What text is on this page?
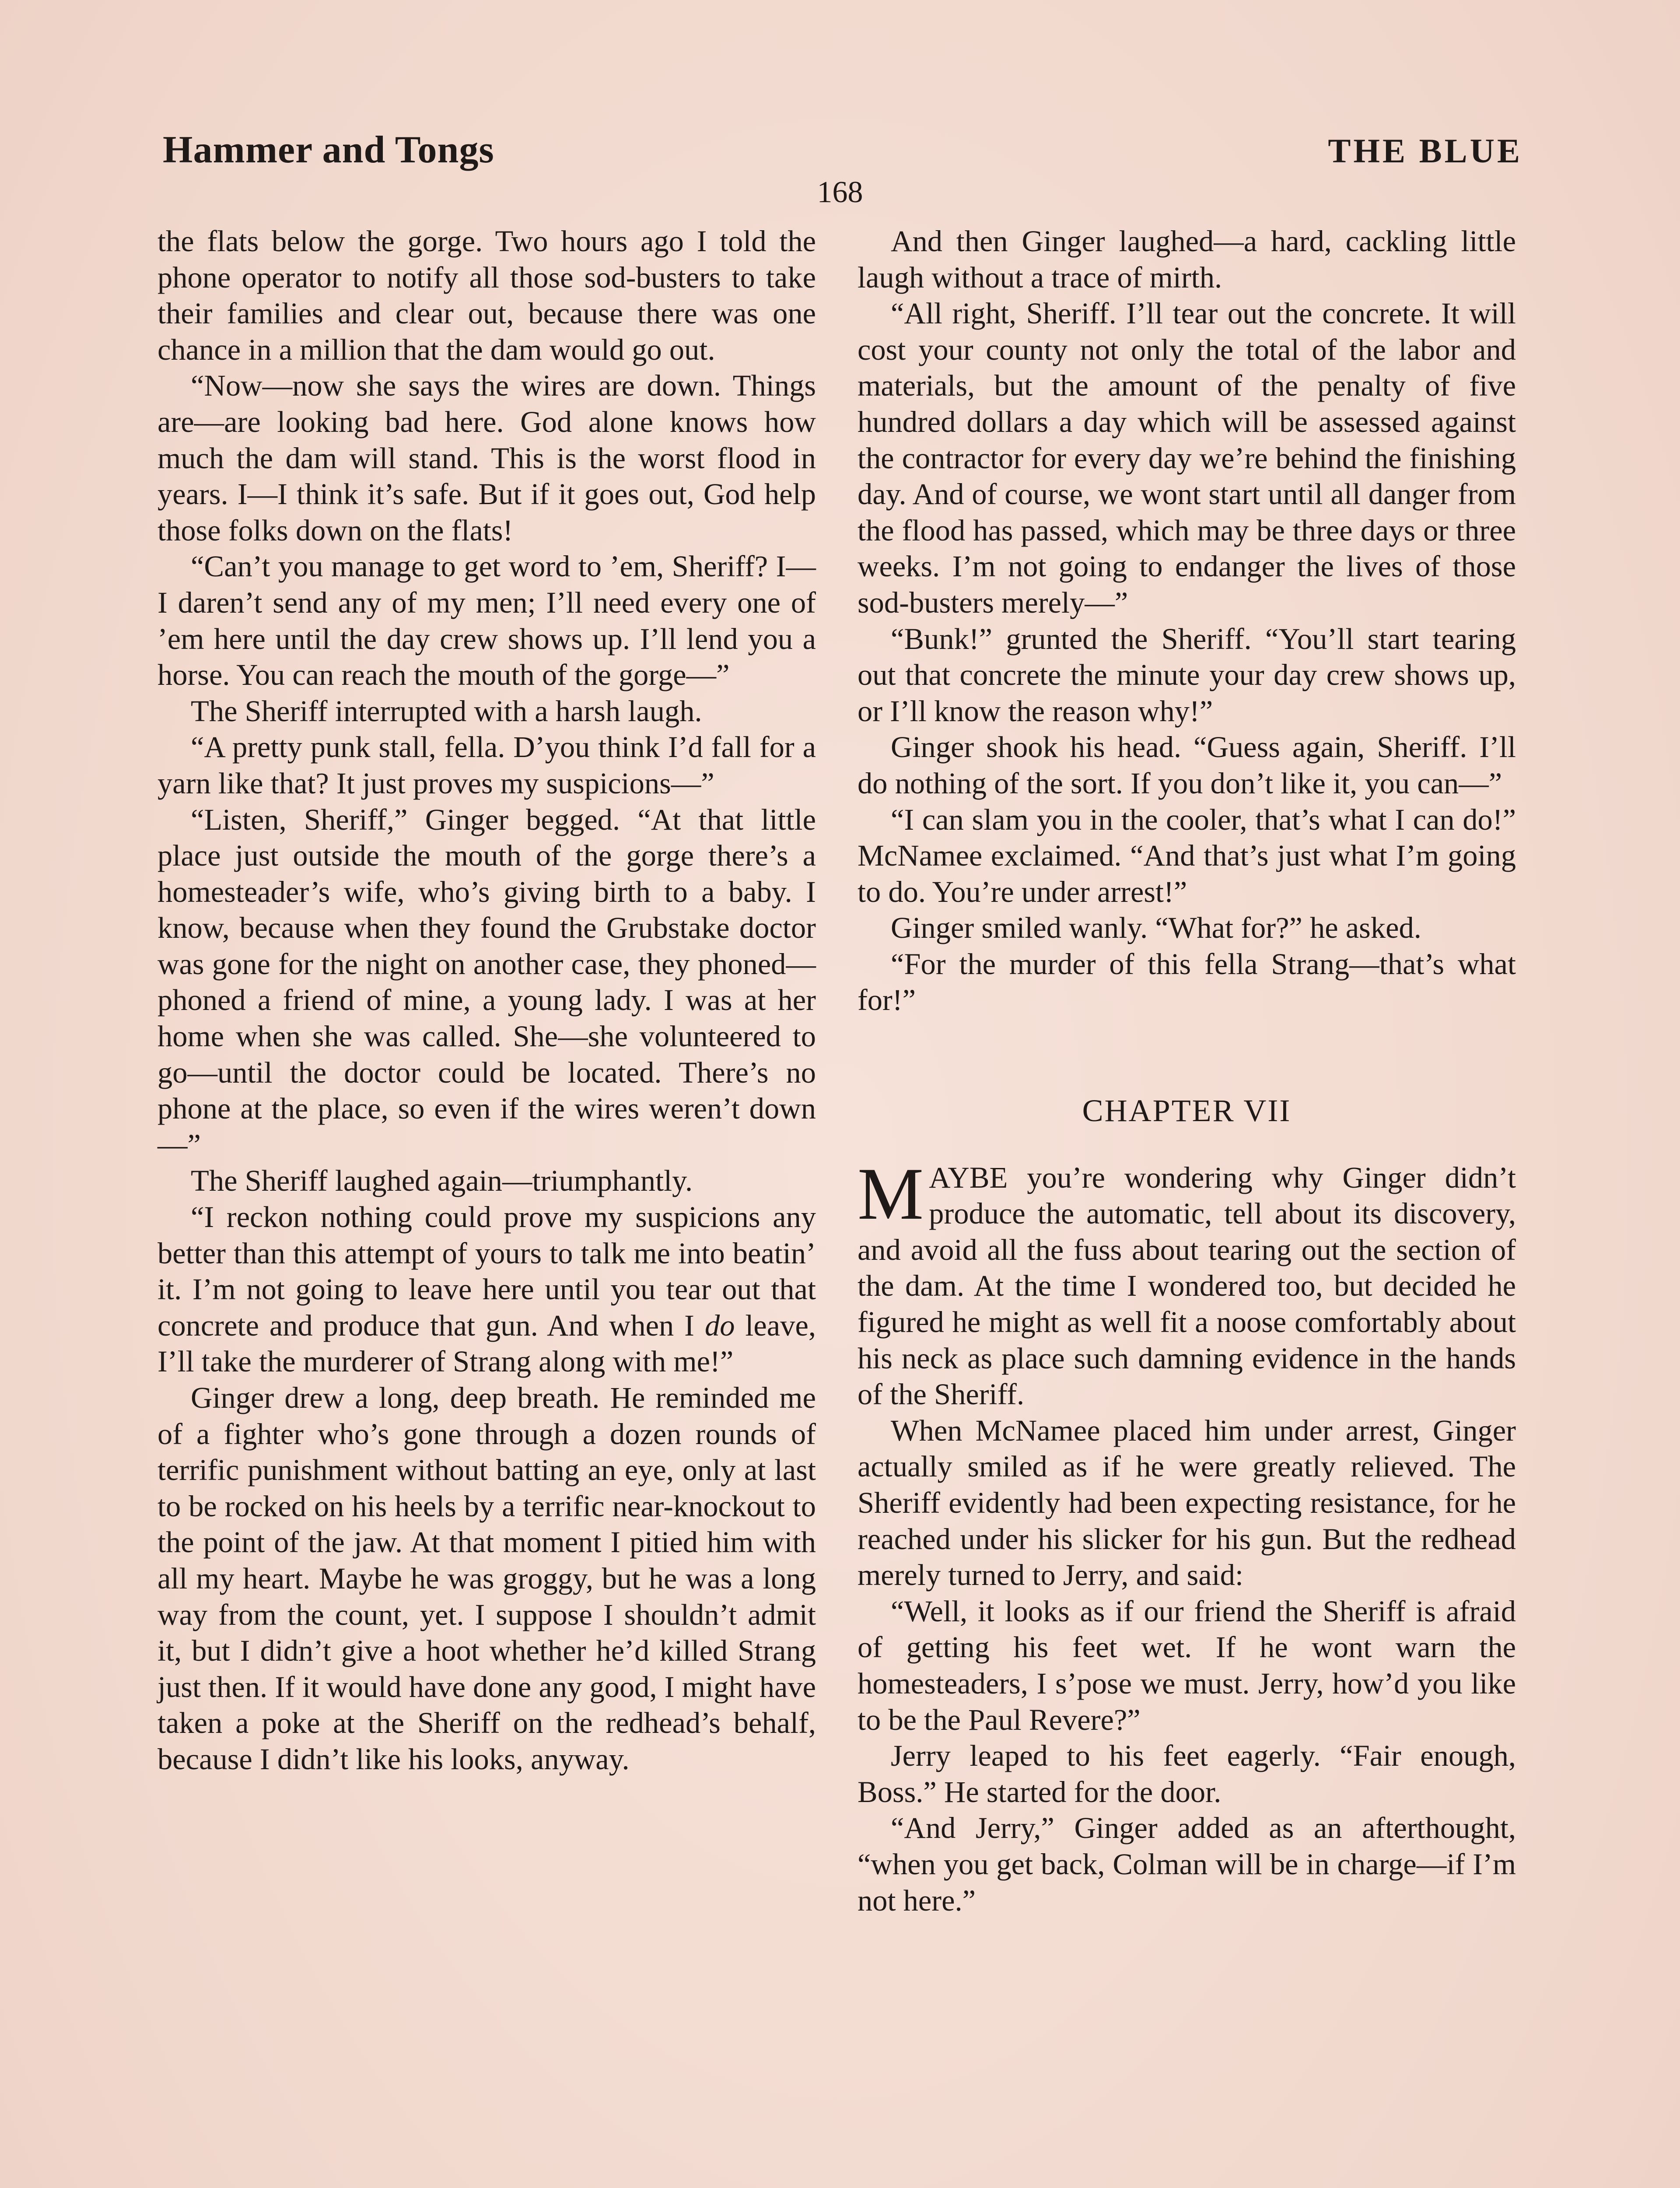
Hammer and Tongs	THE BLUE
168

the flats below the gorge. Two hours ago I told the phone operator to notify all those sod-busters to take their families and clear out, because there was one chance in a million that the dam would go out.

“Now—now she says the wires are down. Things are—are looking bad here. God alone knows how much the dam will stand. This is the worst flood in years. I—I think it’s safe. But if it goes out, God help those folks down on the flats!

“Can’t you manage to get word to ’em, Sheriff? I—I daren’t send any of my men; I’ll need every one of ’em here until the day crew shows up. I’ll lend you a horse. You can reach the mouth of the gorge—”

The Sheriff interrupted with a harsh laugh.

“A pretty punk stall, fella. D’you think I’d fall for a yarn like that? It just proves my suspicions—”

“Listen, Sheriff,” Ginger begged. “At that little place just outside the mouth of the gorge there’s a homesteader’s wife, who’s giving birth to a baby. I know, because when they found the Grubstake doctor was gone for the night on another case, they phoned—phoned a friend of mine, a young lady. I was at her home when she was called. She—she volunteered to go—until the doctor could be located. There’s no phone at the place, so even if the wires weren’t down—”

The Sheriff laughed again—triumphantly.

“I reckon nothing could prove my suspicions any better than this attempt of yours to talk me into beatin’ it. I’m not going to leave here until you tear out that concrete and produce that gun. And when I do leave, I’ll take the murderer of Strang along with me!”

Ginger drew a long, deep breath. He reminded me of a fighter who’s gone through a dozen rounds of terrific punishment without batting an eye, only at last to be rocked on his heels by a terrific near-knockout to the point of the jaw. At that moment I pitied him with all my heart. Maybe he was groggy, but he was a long way from the count, yet. I suppose I shouldn’t admit it, but I didn’t give a hoot whether he’d killed Strang just then. If it would have done any good, I might have taken a poke at the Sheriff on the redhead’s behalf, because I didn’t like his looks, anyway.

And then Ginger laughed—a hard, cackling little laugh without a trace of mirth.

“All right, Sheriff. I’ll tear out the concrete. It will cost your county not only the total of the labor and materials, but the amount of the penalty of five hundred dollars a day which will be assessed against the contractor for every day we’re behind the finishing day. And of course, we wont start until all danger from the flood has passed, which may be three days or three weeks. I’m not going to endanger the lives of those sod-busters merely—”

“Bunk!” grunted the Sheriff. “You’ll start tearing out that concrete the minute your day crew shows up, or I’ll know the reason why!”

Ginger shook his head. “Guess again, Sheriff. I’ll do nothing of the sort. If you don’t like it, you can—”

“I can slam you in the cooler, that’s what I can do!” McNamee exclaimed. “And that’s just what I’m going to do. You’re under arrest!”

Ginger smiled wanly. “What for?” he asked.

“For the murder of this fella Strang—that’s what for!”

CHAPTER VII

MAYBE you’re wondering why Ginger didn’t produce the automatic, tell about its discovery, and avoid all the fuss about tearing out the section of the dam. At the time I wondered too, but decided he figured he might as well fit a noose comfortably about his neck as place such damning evidence in the hands of the Sheriff.

When McNamee placed him under arrest, Ginger actually smiled as if he were greatly relieved. The Sheriff evidently had been expecting resistance, for he reached under his slicker for his gun. But the redhead merely turned to Jerry, and said:

“Well, it looks as if our friend the Sheriff is afraid of getting his feet wet. If he wont warn the homesteaders, I s’pose we must. Jerry, how’d you like to be the Paul Revere?”

Jerry leaped to his feet eagerly. “Fair enough, Boss.” He started for the door.

“And Jerry,” Ginger added as an afterthought, “when you get back, Colman will be in charge—if I’m not here.”
